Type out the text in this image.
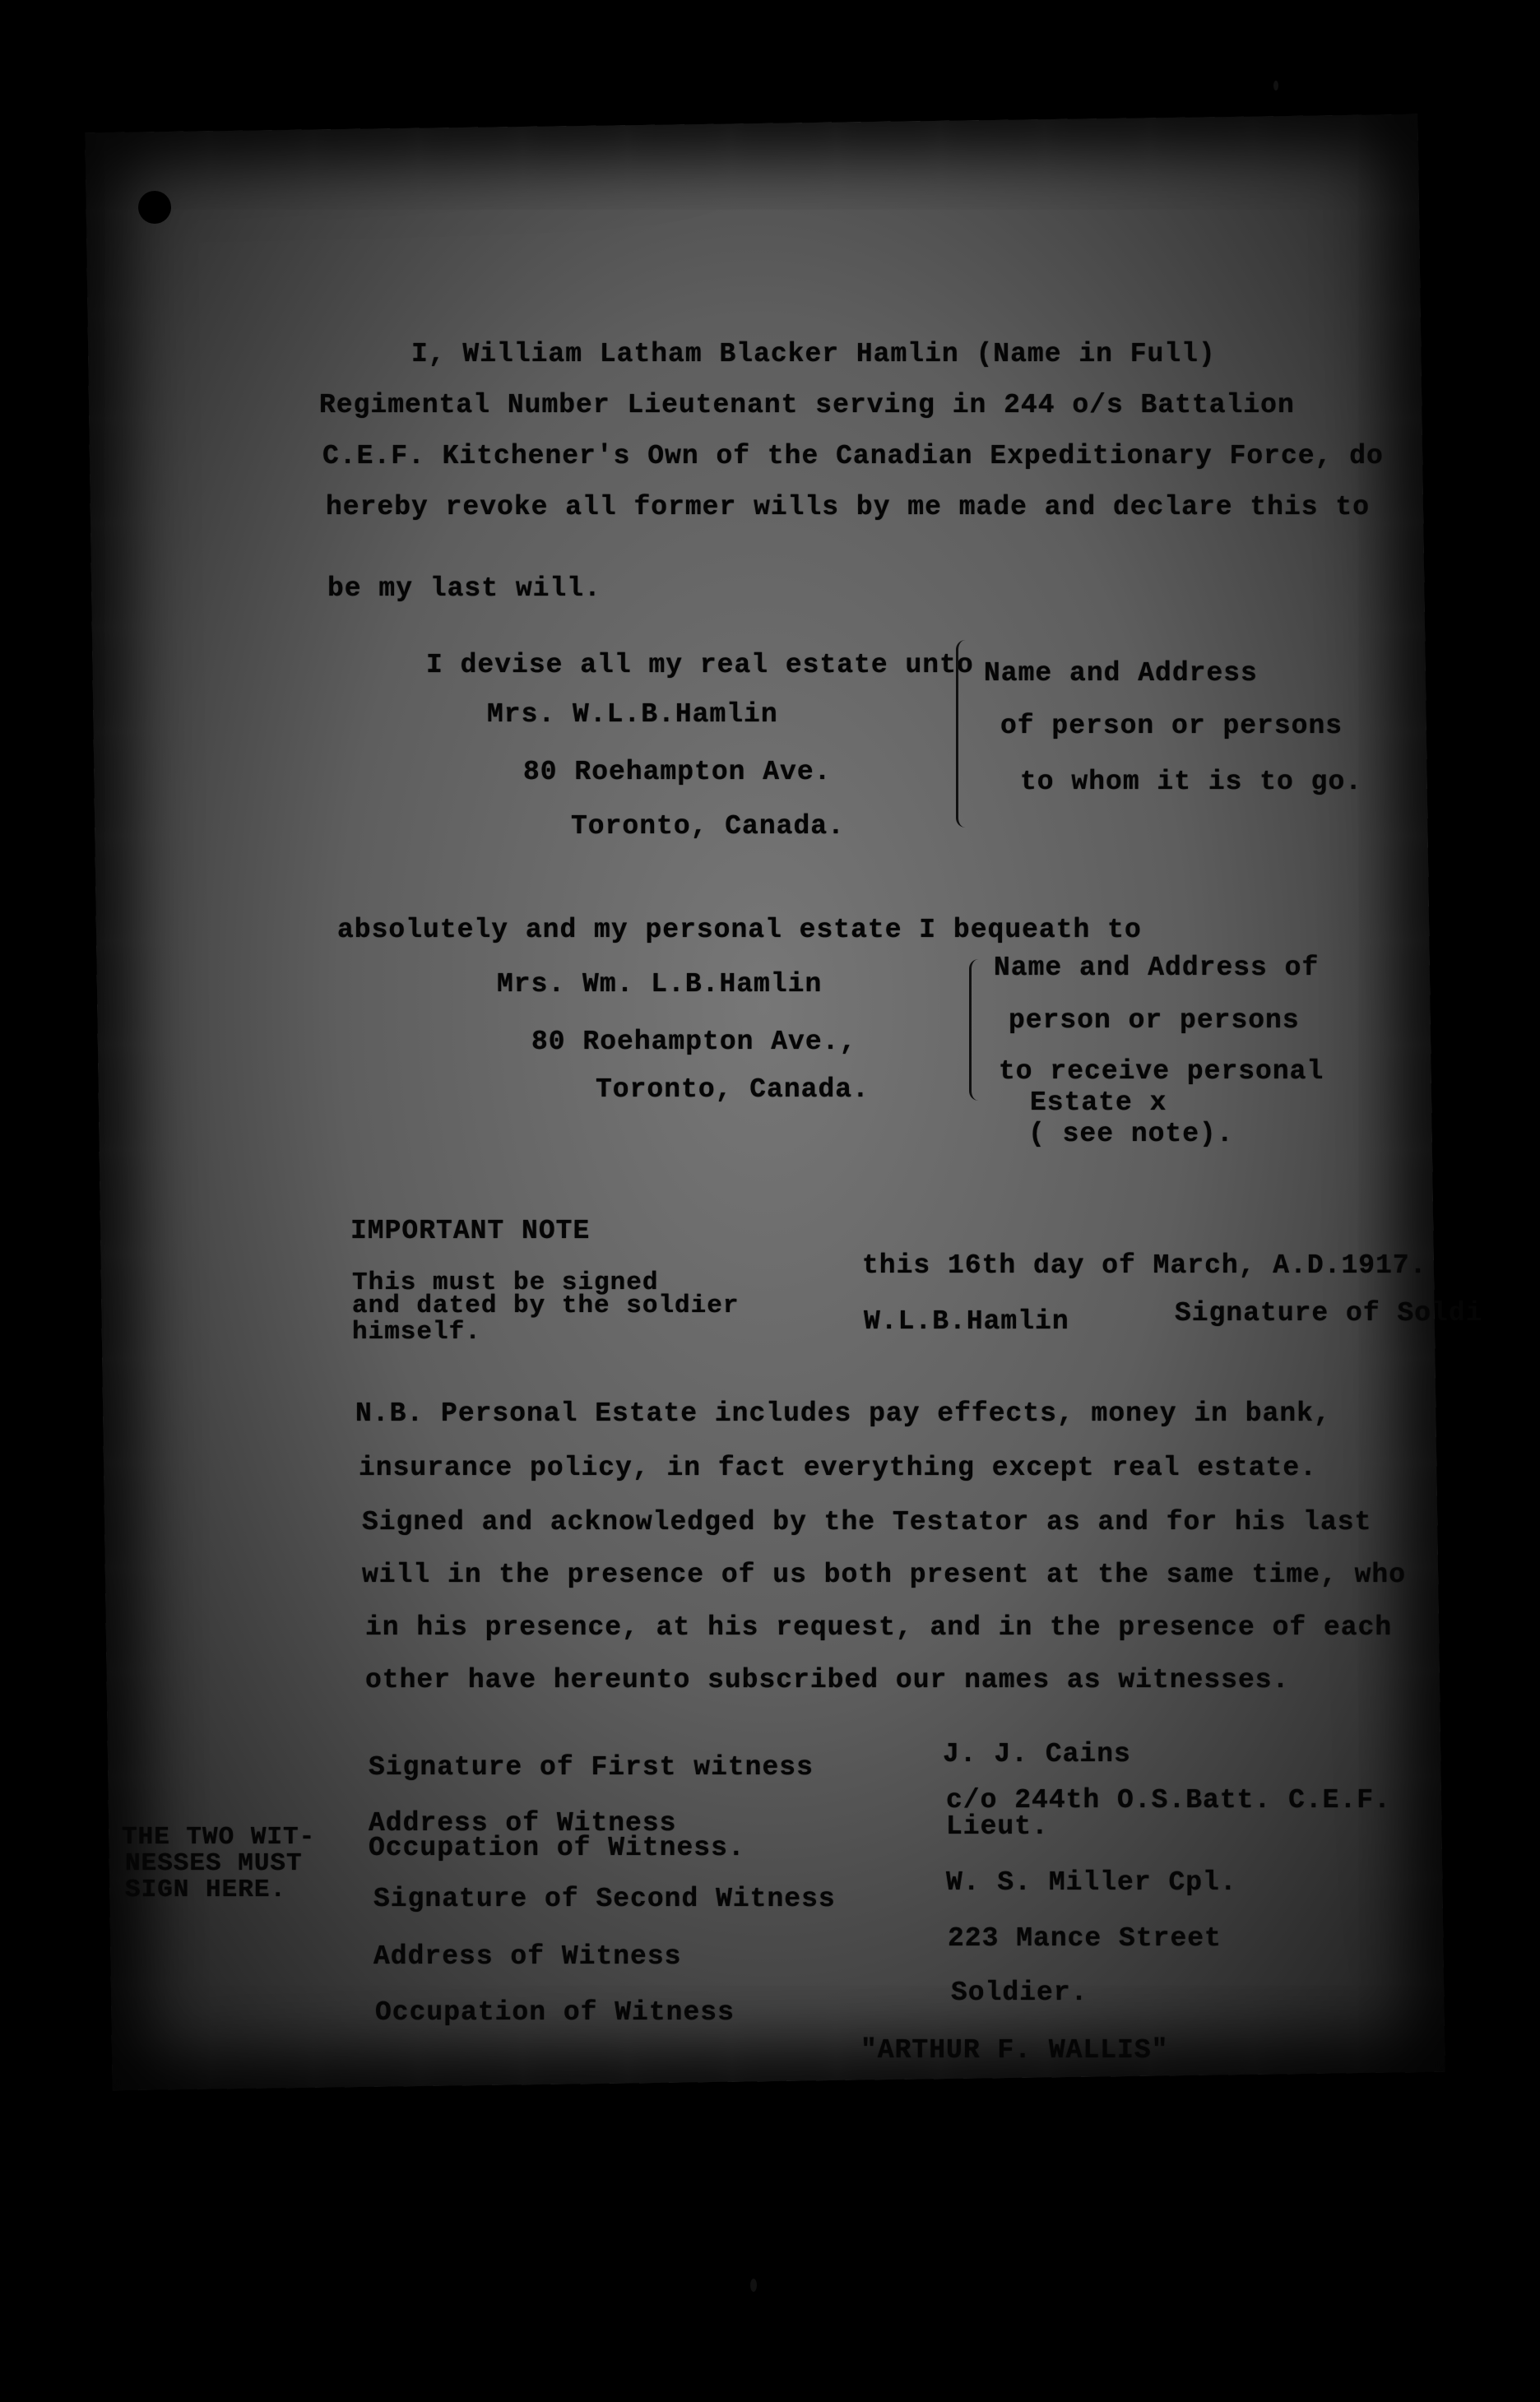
I, William Latham Blacker Hamlin (Name in Full)
Regimental Number Lieutenant serving in 244 o/s Battalion
C.E.F. Kitchener's Own of the Canadian Expeditionary Force, do
hereby revoke all former wills by me made and declare this to
be my last will.
I devise all my real estate unto
Mrs. W.L.B.Hamlin
80 Roehampton Ave.
Toronto, Canada.
Name and Address
of person or persons
to whom it is to go.
absolutely and my personal estate I bequeath to
Mrs. Wm. L.B.Hamlin
80 Roehampton Ave.,
Toronto, Canada.
Name and Address of
person or persons
to receive personal
Estate x
( see note).
IMPORTANT NOTE
This must be signed
and dated by the soldier
himself.
this 16th day of March, A.D.1917.
W.L.B.Hamlin	Signature of Soldi
N.B. Personal Estate includes pay effects, money in bank,
insurance policy, in fact everything except real estate.
Signed and acknowledged by the Testator as and for his last
will in the presence of us both present at the same time, who
in his presence, at his request, and in the presence of each
other have hereunto subscribed our names as witnesses.
THE TWO WIT-
NESSES MUST
SIGN HERE.
Signature of First witness
Address of Witness
Occupation of Witness.
Signature of Second Witness
Address of Witness
Occupation of Witness
J. J. Cains
c/o 244th O.S.Batt. C.E.F.
Lieut.
W. S. Miller Cpl.
223 Mance Street
Soldier.
"ARTHUR F. WALLIS"
